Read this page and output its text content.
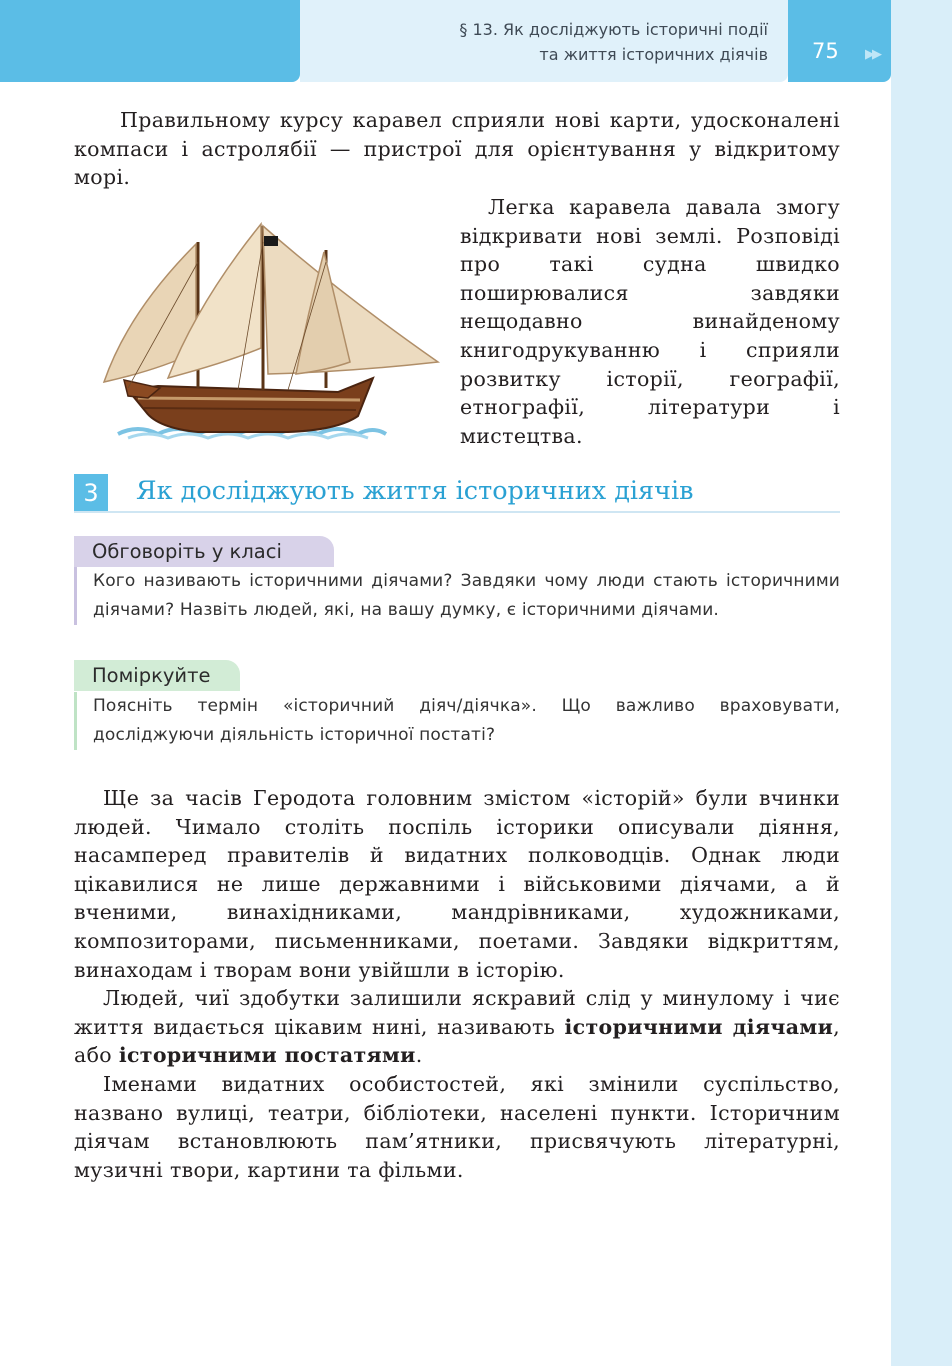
§ 13. Як досліджують історичні події
та життя історичних діячів 75 ▶▶
Правильному курсу каравел сприяли нові карти, удосконалені компаси і астролябії — пристрої для орієнтування у відкритому морі.
Легка каравела давала змогу відкривати нові землі. Розповіді про такі судна швидко поширювалися завдяки нещодавно винайденому книгодрукуванню і сприяли розвитку історії, географії, етнографії, літератури і мистецтва.
3	Як досліджують життя історичних діячів
Обговоріть у класі
Кого називають історичними діячами? Завдяки чому люди стають історичними діячами? Назвіть людей, які, на вашу думку, є історичними діячами.
Поміркуйте
Поясніть термін «історичний діяч/діячка». Що важливо враховувати, досліджуючи діяльність історичної постаті?

Ще за часів Геродота головним змістом «історій» були вчинки людей. Чимало століть поспіль історики описували діяння, насамперед правителів й видатних полководців. Однак люди цікавилися не лише державними і військовими діячами, а й вченими, винахідниками, мандрівниками, художниками, композиторами, письменниками, поетами. Завдяки відкриттям, винаходам і творам вони увійшли в історію.

Людей, чиї здобутки залишили яскравий слід у минулому і чиє життя видається цікавим нині, називають історичними діячами, або історичними постатями.

Іменами видатних особистостей, які змінили суспільство, названо вулиці, театри, бібліотеки, населені пункти. Історичним діячам встановлюють пам’ятники, присвячують літературні, музичні твори, картини та фільми.
